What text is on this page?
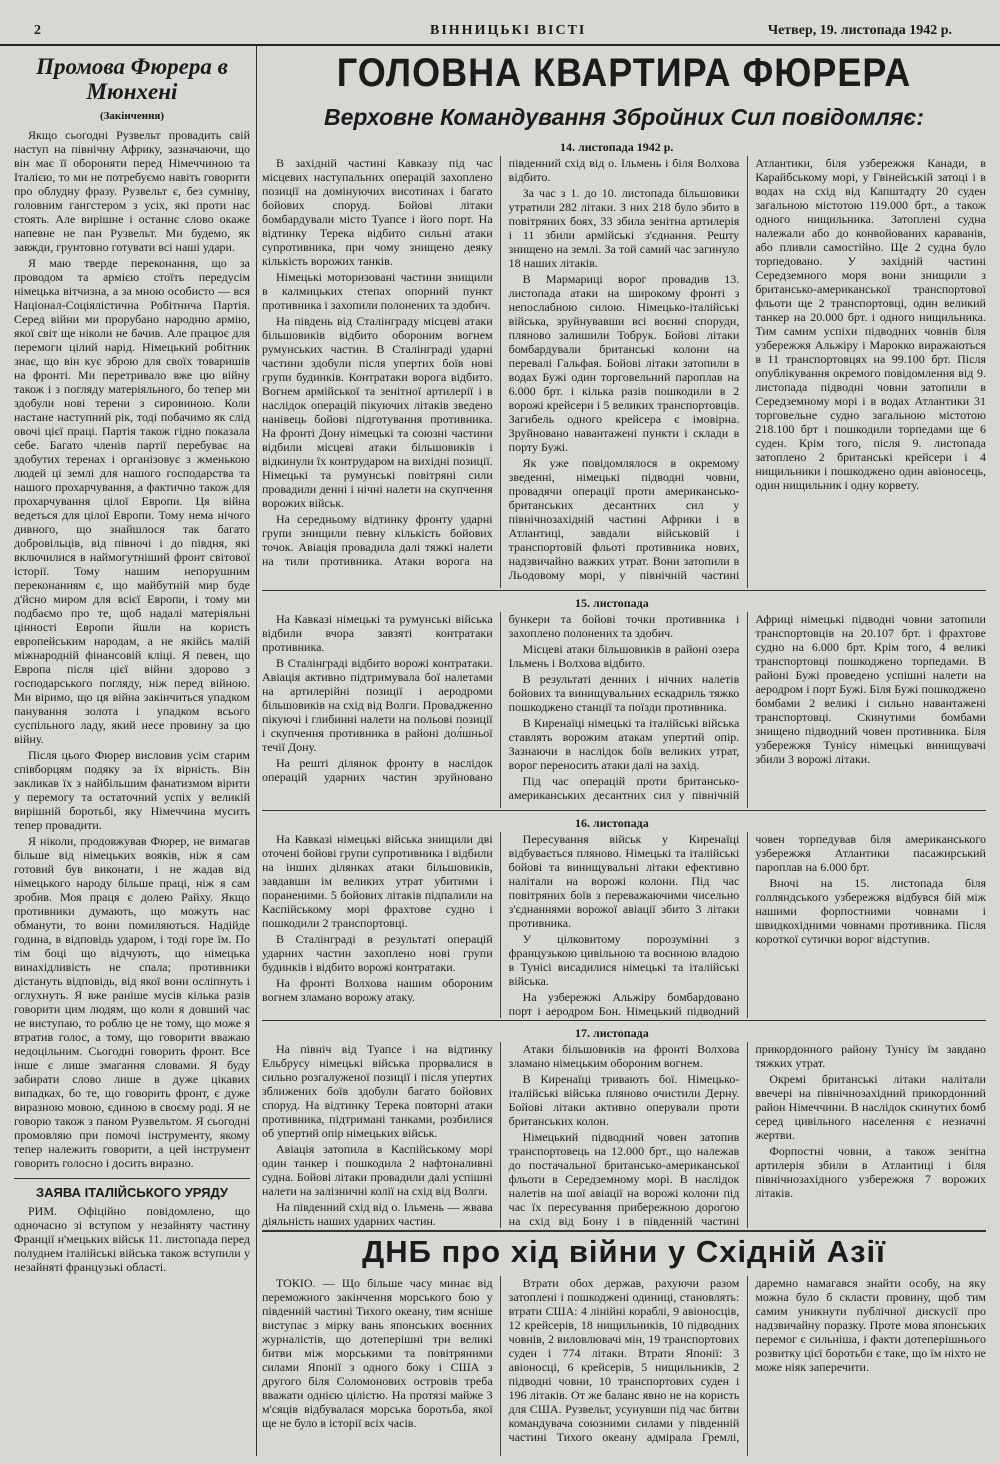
2	ВІННИЦЬКІ ВІСТІ	Четвер, 19. листопада 1942 р.
Промова Фюрера в Мюнхені
(Закінчення)

Якщо сьогодні Рузвельт провадить свій наступ на північну Африку, зазначаючи, що він має її обороняти перед Німеччиною та Італією, то ми не потребуємо навіть говорити про облудну фразу. Рузвельт є, без сумніву, головним гангстером з усіх, які проти нас стоять. Але вирішне і останнє слово окаже напевне не пан Рузвельт. Ми будемо, як завжди, грунтовно готувати всі наші удари.

Я маю тверде переконання, що за проводом та армією стоїть передусім німецька вітчизна, а за мною особисто — вся Націонал-Соціялістична Робітнича Партія. Серед війни ми прорубано народню армію, якої світ ще ніколи не бачив. Але працює для перемоги цілий нарід. Німецький робітник знає, що він кує зброю для своїх товаришів на фронті. Ми перетривало вже цю війну також і з погляду матеріяльного, бо тепер ми здобули нові терени з сировиною. Коли настане наступний рік, тоді побачимо як слід овочі цієї праці. Партія також гідно показала себе. Багато членів партії перебуває на здобутих теренах і організовує з жменькою людей ці землі для нашого господарства та нашого прохарчування, а фактично також для прохарчування цілої Европи. Ця війна ведеться для цілої Европи. Тому нема нічого дивного, що знайшлося так багато добровільців, від півночі і до півдня, які включилися в наймогутніший фронт світової історії. Тому нашим непорушним переконанням є, що майбутній мир буде д'йсно миром для всієї Европи, і тому ми подбаємо про те, щоб надалі матеріяльні цінності Европи йшли на користь европейським народам, а не якійсь малій міжнародній фінансовій кліці. Я певен, що Европа після цієї війни здорово з господарського погляду, ніж перед війною. Ми віримо, що ця війна закінчиться упадком панування золота і упадком всього суспільного ладу, який несе провину за цю війну.

Після цього Фюрер висловив усім старим співборцям подяку за їх вірність. Він закликав їх з найбільшим фанатизмом вірити у перемогу та остаточний успіх у великій вирішній боротьбі, яку Німеччина мусить тепер провадити.

Я ніколи, продовжував Фюрер, не вимагав більше від німецьких вояків, ніж я сам готовий був виконати, і не жадав від німецького народу більше праці, ніж я сам зробив. Моя праця є долею Райху. Якщо противники думають, що можуть нас обманути, то вони помиляються. Надійде година, в відповідь ударом, і тоді горе їм. По тім боці що відчують, що німецька винахідливість не спала; противники дістануть відповідь, від якої вони осліпнуть і оглухнуть. Я вже раніше мусів кілька разів говорити цим людям, що коли я довший час не виступаю, то роблю це не тому, що може я втратив голос, а тому, що говорити вважаю недоцільним. Сьогодні говорить фронт. Все інше є лише змагання словами. Я буду забирати слово лише в дуже цікавих випадках, бо те, що говорить фронт, є дуже виразною мовою, єдиною в своєму роді. Я не говорю також з паном Рузвельтом. Я сьогодні промовляю при помочі інструменту, якому тепер належить говорити, а цей інструмент говорить голосно і досить виразно.

ЗАЯВА ІТАЛІЙСЬКОГО УРЯДУ

РИМ. Офіційно повідомлено, що одночасно зі вступом у незайняту частину Франції н'мецьких військ 11. листопада перед полуднем італійські війська також вступили у незайняті французькі області.

ГОЛОВНА КВАРТИРА ФЮРЕРА
Верховне Командування Збройних Сил повідомляє:
14. листопада 1942 р.

В західній частині Кавказу під час місцевих наступальних операцій захоплено позиції на домінуючих висотинах і багато бойових споруд. Бойові літаки бомбардували місто Туапсе і його порт. На відтинку Терека відбито сильні атаки супротивника, при чому знищено деяку кількість ворожих танків.

Німецькі моторизовані частини знищили в калмицьких степах опорний пункт противника і захопили полонених та здобич.

На південь від Сталінграду місцеві атаки більшовиків відбито обороним вогнем румунських частин. В Сталінграді ударні частини здобули після упертих боїв нові групи будинків. Контратаки ворога відбито. Вогнем армійської та зенітної артилерії і в наслідок операцій пікуючих літаків зведено нанівець бойові підготування противника. На фронті Дону німецькі та союзні частини відбили місцеві атаки більшовиків і відкинули їх контрударом на вихідні позиції. Німецькі та румунські повітряні сили провадили денні і нічні налети на скупчення ворожих військ.

На середньому відтинку фронту ударні групи знищили певну кількість бойових точок. Авіація провадила далі тяжкі налети на тили противника. Атаки ворога на південний схід від о. Ільмень і біля Волхова відбито.

За час з 1. до 10. листопада більшовики утратили 282 літаки. З них 218 було збито в повітряних боях, 33 збила зенітна артилерія і 11 збили армійські з'єднання. Решту знищено на землі. За той самий час загинуло 18 наших літаків.

В Мармариці ворог провадив 13. листопада атаки на широкому фронті з непослабною силою. Німецько-італійські війська, зруйнувавши всі воєнні споруди, пляново залишили Тобрук. Бойові літаки бомбардували британські колони на перевалі Гальфая. Бойові літаки затопили в водах Бужі один торговельний пароплав на 6.000 брт. і кілька разів пошкодили в 2 ворожі крейсери і 5 великих транспортовців. Загибель одного крейсера є імовірна. Зруйновано навантажені пункти і склади в порту Бужі.

Як уже повідомлялося в окремому зведенні, німецькі підводні човни, провадячи операції проти американсько-британських десантних сил у північнозахідній частині Африки і в Атлантиці, завдали військовій і транспортовій фльоті противника нових, надзвичайно важких утрат. Вони затопили в Льодовому морі, у північній частині Атлантики, біля узбережжя Канади, в Карайбському морі, у Гвінейській затоці і в водах на схід від Капштадту 20 суден загальною містотою 119.000 брт., а також одного нищильника. Затоплені судна належали або до конвойованих караванів, або пливли самостійно. Ще 2 судна було торпедовано. У західній частині Середземного моря вони знищили з британсько-американської транспортової фльоти ще 2 транспортовці, один великий танкер на 20.000 брт. і одного нищильника. Тим самим успіхи підводних човнів біля узбережжя Альжіру і Марокко виражаються в 11 транспортовцях на 99.100 брт. Після опублікування окремого повідомлення від 9. листопада підводні човни затопили в Середземному морі і в водах Атлантики 31 торговельне судно загальною містотою 218.100 брт і пошкодили торпедами ще 6 суден. Крім того, після 9. листопада затоплено 2 британські крейсери і 4 нищильники і пошкоджено один авіоносець, один нищильник і одну корвету.

15. листопада

На Кавказі німецькі та румунські війська відбили вчора завзяті контратаки противника.

В Сталінграді відбито ворожі контратаки. Авіація активно підтримувала бої налетами на артилерійні позиції і аеродроми більшовиків на схід від Волги. Провадженно пікуючі і глибинні налети на польові позиції і скупчення противника в районі дол́шньої течії Дону.

На решті ділянок фронту в наслідок операцій ударних частин зруйновано бункери та бойові точки противника і захоплено полонених та здобич.

Місцеві атаки більшовиків в районі озера Ільмень і Волхова відбито.

В результаті денних і нічних налетів бойових та винищувальних ескадриль тяжко пошкоджено станції та поїзди противника.

В Киренаїці німецькі та італійські війська ставлять ворожим атакам упертий опір. Зазнаючи в наслідок боїв великих утрат, ворог переносить атаки далі на захід.

Під час операцій проти британсько-американських десантних сил у північній Африці німецькі підводні човни затопили транспортовців на 20.107 брт. і фрахтове судно на 6.000 брт. Крім того, 4 великі транспортовці пошкоджено торпедами. В районі Бужі проведено успішні налети на аеродром і порт Бужі. Біля Бужі пошкоджено бомбами 2 великі і сильно навантажені транспортовці. Скинутими бомбами знищено підводний човен противника. Біля узбережжя Тунісу німецькі винищувачі збили 3 ворожі літаки.

16. листопада

На Кавказі німецькі війська знищили дві оточені бойові групи супротивника і відбили на інших ділянках атаки більшовиків, завдавши ім великих утрат убитими і пораненими. 5 бойових літаків підпалили на Каспійському морі фрахтове судно і пошкодили 2 транспортовці.

В Сталінграді в результаті операцій ударних частин захоплено нові групи будинків і відбито ворожі контратаки.

На фронті Волхова нашим обороним вогнем зламано ворожу атаку.

Пересування військ у Киренаїці відбувається пляново. Німецькі та італійські бойові та винищувальні літаки ефективно налітали на ворожі колони. Під час повітряних боїв з переважаючими чисельно з'єднаннями ворожої авіації збито 3 літаки противника.

У цілковитому порозумінні з французькою цивільною та воєнною владою в Тунісі висадилися німецькі та італійські війська.

На узбережжі Альжіру бомбардовано порт і аеродром Бон. Німецький підводний човен торпедував біля американського узбережжя Атлантики пасажирський пароплав на 6.000 брт.

Вночі на 15. листопада біля голляндського узбережжя відбувся бій між нашими форпостними човнами і швидкохідними човнами противника. Після короткої сутички ворог відступив.

17. листопада

На північ від Туапсе і на відтинку Ельбрусу німецькі війська прорвалися в сильно розгалуженої позиції і після упертих зближених боїв здобули багато бойових споруд. На відтинку Терека повторні атаки противника, підтримані танками, розбилися об упертий опір німецьких військ.

Авіація затопила в Каспійському морі один танкер і пошкодила 2 нафтоналивні судна. Бойові літаки провадили далі успішні налети на залізничні колії на схід від Волги.

На південний схід від о. Ільмень — жвава діяльність наших ударних частин.

Атаки більшовиків на фронті Волхова зламано німецьким обороним вогнем.

В Киренаїці тривають бої. Німецько-італійські війська пляново очистили Дерну. Бойові літаки активно оперували проти британських колон.

Німецький підводний човен затопив транспортовець на 12.000 брт., що належав до постачальної британсько-американської фльоти в Середземному морі. В наслідок налетів на шої авіації на ворожі колони під час їх пересування прибережною дорогою на схід від Бону і в південній частині прикордонного району Тунісу їм завдано тяжких утрат.

Окремі британські літаки налітали ввечері на північнозахідний прикордонний район Німеччини. В наслідок скинутих бомб серед цивільного населення є незначні жертви.

Форпостні човни, а також зенітна артилерія збили в Атлантиці і біля північнозахідного узбережжя 7 ворожих літаків.

ДНБ про хід війни у Східній Азії

ТОКІО. — Що більше часу минає від переможного закінчення морського бою у південній частині Тихого океану, тим ясніше виступає з мірку вань японських воєнних журналістів, що дотеперішні три великі битви між морськими та повітряними силами Японії з одного боку і США з другого біля Соломонових островів треба вважати однією цілістю. На протязі майже 3 м'сяців відбувалася морська боротьба, якої ще не було в історії всіх часів.

Втрати обох держав, рахуючи разом затоплені і пошкоджені одиниці, становлять: втрати США: 4 лінійні кораблі, 9 авіоносців, 12 крейсерів, 18 нищильників, 10 підводних човнів, 2 виловлювачі мін, 19 транспортових суден і 774 літаки. Втрати Японії: 3 авіоносці, 6 крейсерів, 5 нищильників, 2 підводні човни, 10 транспортових суден і 196 літаків. От же баланс явно не на користь для США. Рузвельт, усунувши під час битви командувача союзними силами у південній частині Тихого океану адмірала Гремлі, даремно намагався знайти особу, на яку можна було б скласти провину, щоб тим самим уникнути публічної дискусії про надзвичайну поразку. Проте мова японських перемог є сильніша, і факти дотеперішнього розвитку цієї боротьби є таке, що їм ніхто не може ніяк заперечити.
